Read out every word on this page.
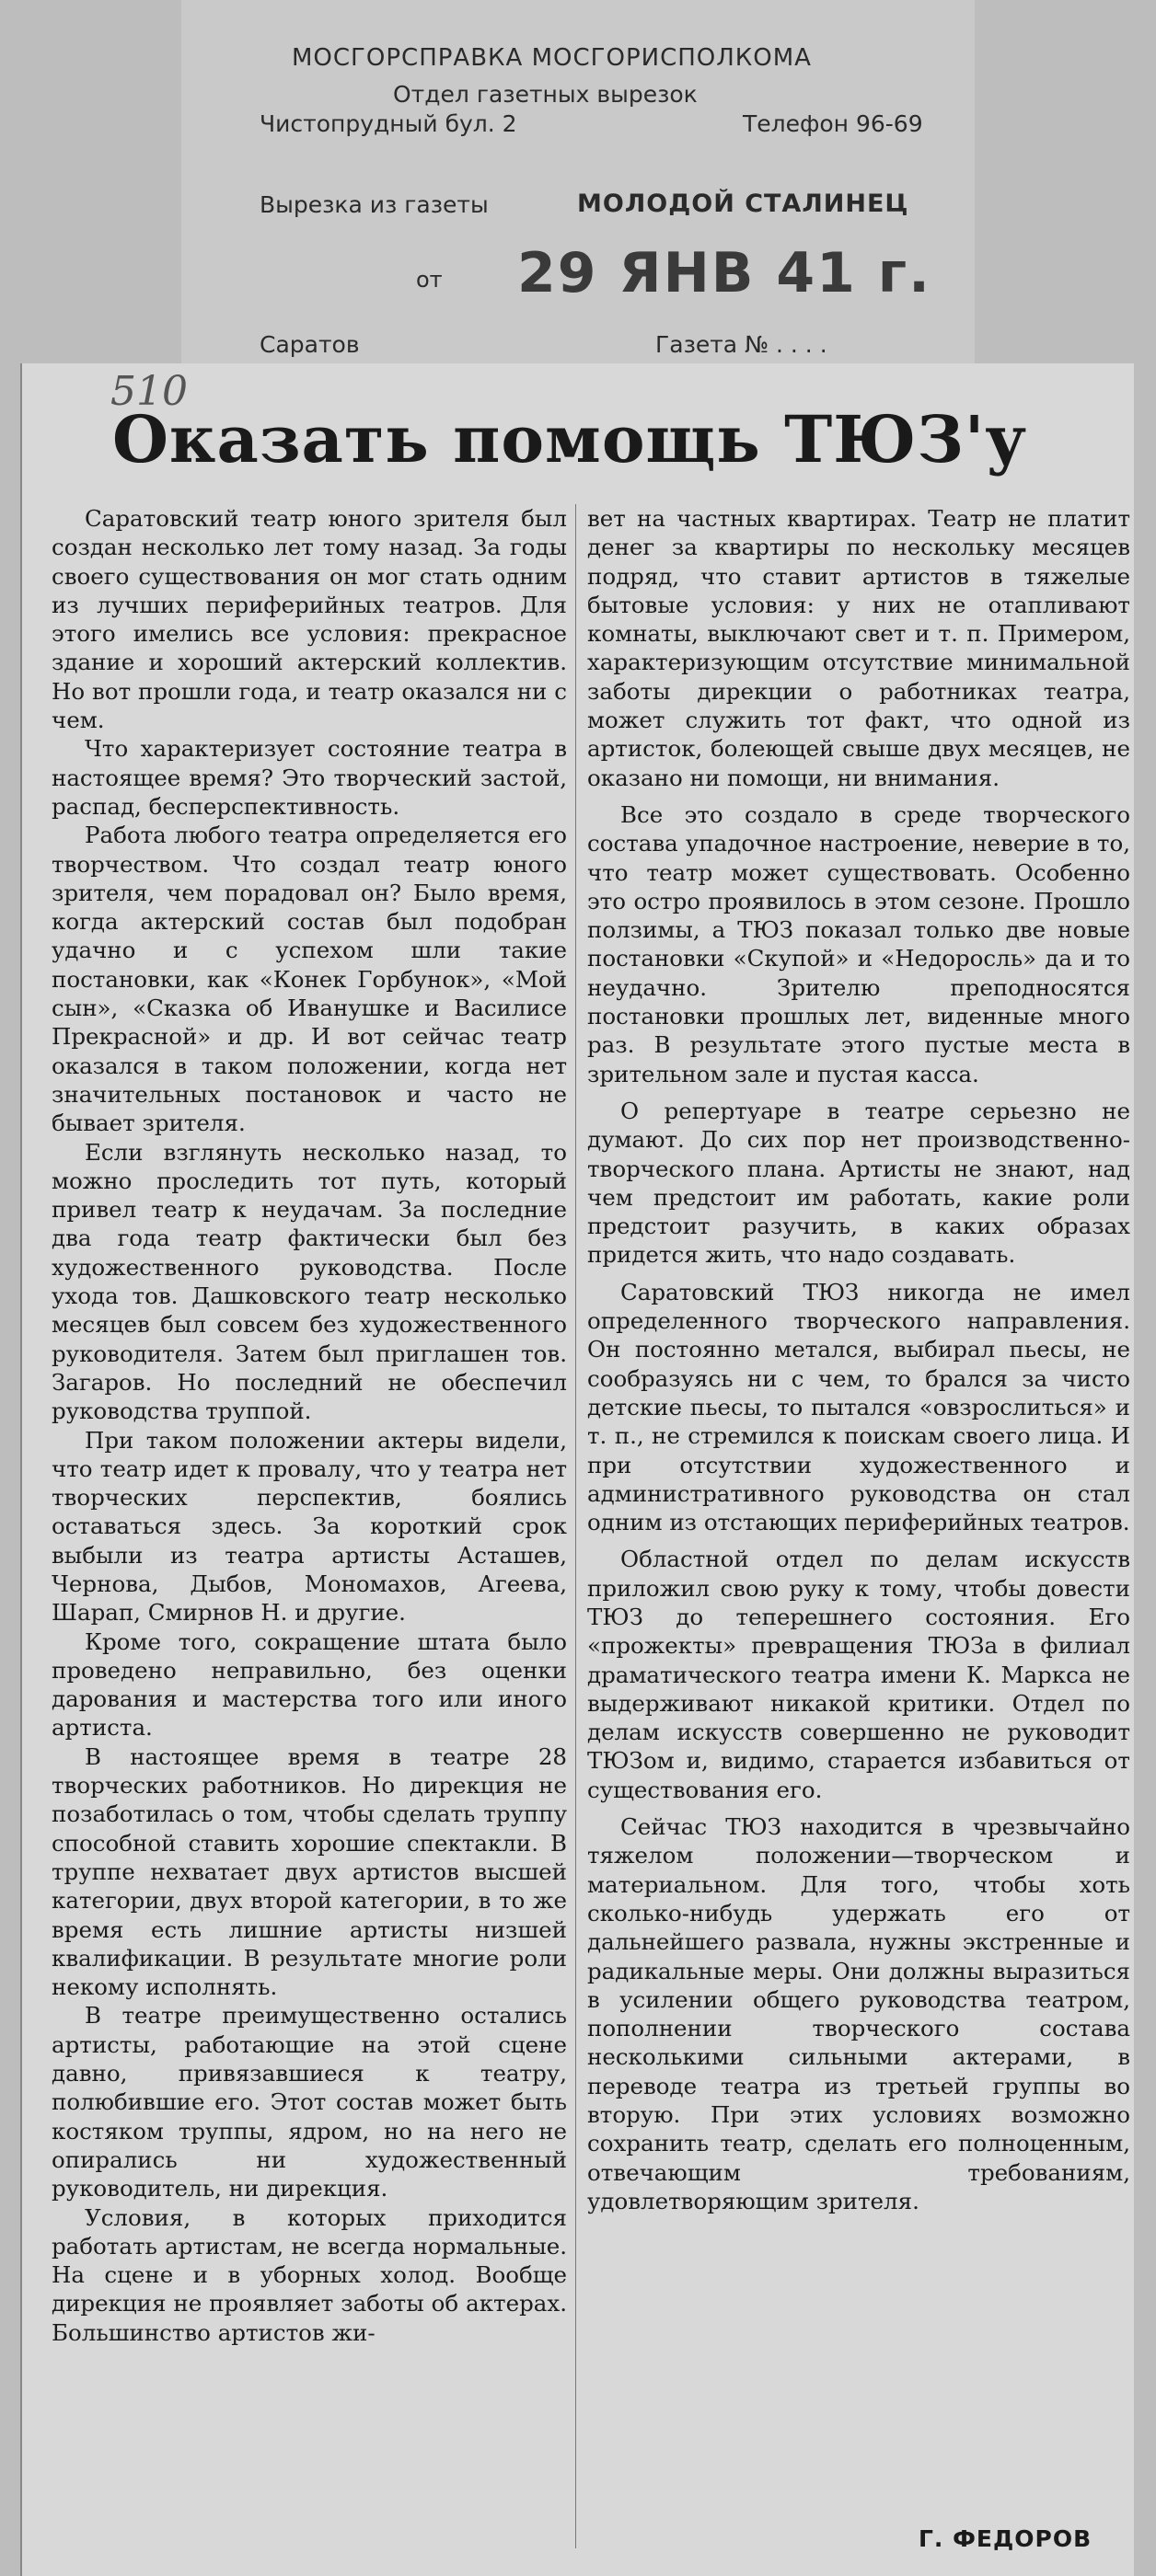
МОСГОРСПРАВКА МОСГОРИСПОЛКОМА
Отдел газетных вырезок
Чистопрудный бул. 2	Телефон 96-69
Вырезка из газеты	МОЛОДОЙ СТАЛИНЕЦ
от 29 ЯНВ 41 г.
Саратов	Газета № . . . .
510
Оказать помощь ТЮЗ'у

Саратовский театр юного зрителя был создан несколько лет тому назад. За годы своего существования он мог стать одним из лучших периферийных театров. Для этого имелись все условия: прекрасное здание и хороший актерский коллектив. Но вот прошли года, и театр оказался ни с чем.

Что характеризует состояние театра в настоящее время? Это творческий застой, распад, бесперспективность.

Работа любого театра определяется его творчеством. Что создал театр юного зрителя, чем порадовал он? Было время, когда актерский состав был подобран удачно и с успехом шли такие постановки, как «Конек Горбунок», «Мой сын», «Сказка об Иванушке и Василисе Прекрасной» и др. И вот сейчас театр оказался в таком положении, когда нет значительных постановок и часто не бывает зрителя.

Если взглянуть несколько назад, то можно проследить тот путь, который привел театр к неудачам. За последние два года театр фактически был без художественного руководства. После ухода тов. Дашковского театр несколько месяцев был совсем без художественного руководителя. Затем был приглашен тов. Загаров. Но последний не обеспечил руководства труппой.

При таком положении актеры видели, что театр идет к провалу, что у театра нет творческих перспектив, боялись оставаться здесь. За короткий срок выбыли из театра артисты Асташев, Чернова, Дыбов, Мономахов, Агеева, Шарап, Смирнов Н. и другие.

Кроме того, сокращение штата было проведено неправильно, без оценки дарования и мастерства того или иного артиста.

В настоящее время в театре 28 творческих работников. Но дирекция не позаботилась о том, чтобы сделать труппу способной ставить хорошие спектакли. В труппе нехватает двух артистов высшей категории, двух второй категории, в то же время есть лишние артисты низшей квалификации. В результате многие роли некому исполнять.

В театре преимущественно остались артисты, работающие на этой сцене давно, привязавшиеся к театру, полюбившие его. Этот состав может быть костяком труппы, ядром, но на него не опирались ни художественный руководитель, ни дирекция.

Условия, в которых приходится работать артистам, не всегда нормальные. На сцене и в уборных холод. Вообще дирекция не проявляет заботы об актерах. Большинство артистов жи-

вет на частных квартирах. Театр не платит денег за квартиры по нескольку месяцев подряд, что ставит артистов в тяжелые бытовые условия: у них не отапливают комнаты, выключают свет и т. п. Примером, характеризующим отсутствие минимальной заботы дирекции о работниках театра, может служить тот факт, что одной из артисток, болеющей свыше двух месяцев, не оказано ни помощи, ни внимания.

Все это создало в среде творческого состава упадочное настроение, неверие в то, что театр может существовать. Особенно это остро проявилось в этом сезоне. Прошло ползимы, а ТЮЗ показал только две новые постановки «Скупой» и «Недоросль» да и то неудачно. Зрителю преподносятся постановки прошлых лет, виденные много раз. В результате этого пустые места в зрительном зале и пустая касса.

О репертуаре в театре серьезно не думают. До сих пор нет производственно-творческого плана. Артисты не знают, над чем предстоит им работать, какие роли предстоит разучить, в каких образах придется жить, что надо создавать.

Саратовский ТЮЗ никогда не имел определенного творческого направления. Он постоянно метался, выбирал пьесы, не сообразуясь ни с чем, то брался за чисто детские пьесы, то пытался «овзрослиться» и т. п., не стремился к поискам своего лица. И при отсутствии художественного и административного руководства он стал одним из отстающих периферийных театров.

Областной отдел по делам искусств приложил свою руку к тому, чтобы довести ТЮЗ до теперешнего состояния. Его «прожекты» превращения ТЮЗа в филиал драматического театра имени К. Маркса не выдерживают никакой критики. Отдел по делам искусств совершенно не руководит ТЮЗом и, видимо, старается избавиться от существования его.

Сейчас ТЮЗ находится в чрезвычайно тяжелом положении—творческом и материальном. Для того, чтобы хоть сколько-нибудь удержать его от дальнейшего развала, нужны экстренные и радикальные меры. Они должны выразиться в усилении общего руководства театром, пополнении творческого состава несколькими сильными актерами, в переводе театра из третьей группы во вторую. При этих условиях возможно сохранить театр, сделать его полноценным, отвечающим требованиям, удовлетворяющим зрителя.

Г. ФЕДОРОВ
